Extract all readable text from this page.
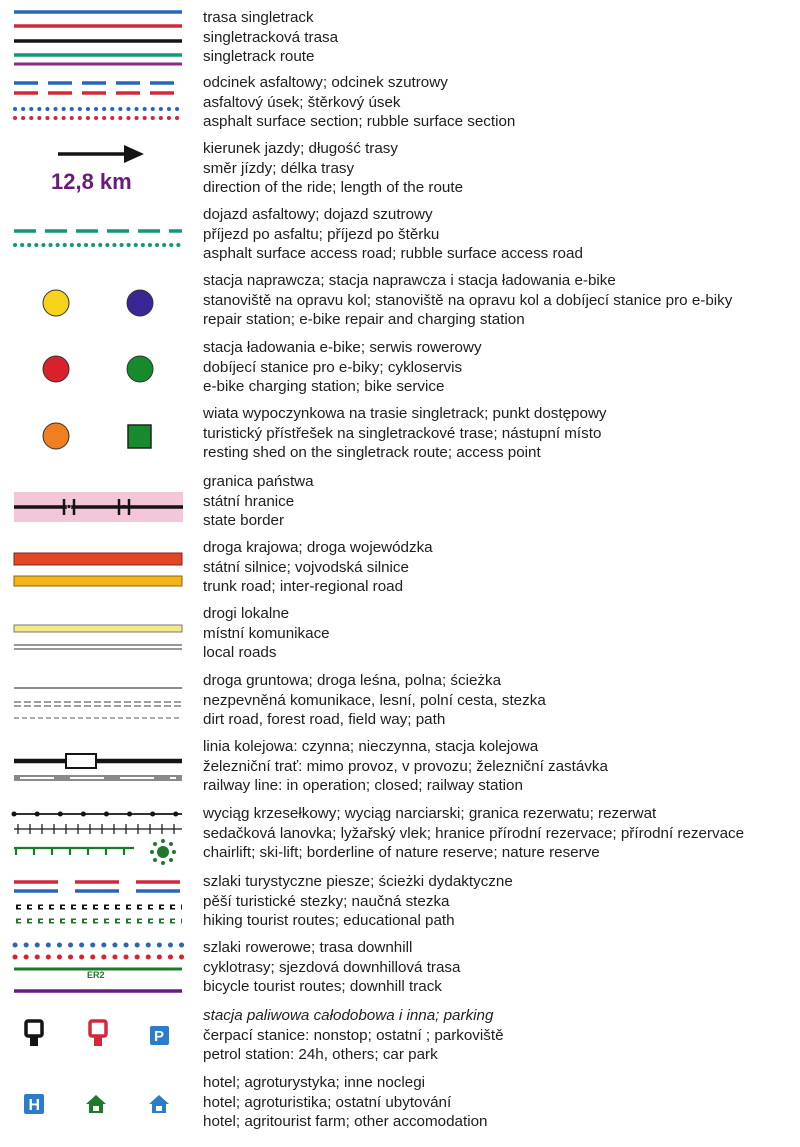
trasa singletrack
singletracková trasa
singletrack route
odcinek asfaltowy; odcinek szutrowy
asfaltový úsek; štěrkový úsek
asphalt surface section; rubble surface section
12,8 km
kierunek jazdy; długość trasy
směr jízdy; délka trasy
direction of the ride; length of the route
dojazd asfaltowy; dojazd szutrowy
příjezd po asfaltu; příjezd po štěrku
asphalt surface access road; rubble surface access road
stacja naprawcza; stacja naprawcza i stacja ładowania e-bike
stanoviště na opravu kol; stanoviště na opravu kol a dobíjecí stanice pro e-biky
repair station; e-bike repair and charging station
stacja ładowania e-bike; serwis rowerowy
dobíjecí stanice pro e-biky; cykloservis
e-bike charging station; bike service
wiata wypoczynkowa na trasie singletrack; punkt dostępowy
turistický přístřešek na singletrackové trase; nástupní místo
resting shed on the singletrack route; access point
granica państwa
státní hranice
state border
droga krajowa; droga wojewódzka
státní silnice; vojvodská silnice
trunk road; inter-regional road
drogi lokalne
místní komunikace
local roads
droga gruntowa; droga leśna, polna; ścieżka
nezpevněná komunikace, lesní, polní cesta, stezka
dirt road, forest road, field way; path
linia kolejowa: czynna; nieczynna, stacja kolejowa
železniční trať: mimo provoz, v provozu; železniční zastávka
railway line: in operation; closed; railway station
wyciąg krzesełkowy; wyciąg narciarski; granica rezerwatu; rezerwat
sedačková lanovka; lyžařský vlek; hranice přírodní rezervace; přírodní rezervace
chairlift; ski-lift; borderline of nature reserve; nature reserve
szlaki turystyczne piesze; ścieżki dydaktyczne
pěší turistické stezky; naučná stezka
hiking tourist routes; educational path
ER2
szlaki rowerowe; trasa downhill
cyklotrasy; sjezdová downhillová trasa
bicycle tourist routes; downhill track
P
stacja paliwowa całodobowa i inna; parking
čerpací stanice: nonstop; ostatní ; parkoviště
petrol station: 24h, others; car park
H
hotel; agroturystyka; inne noclegi
hotel; agroturistika; ostatní ubytování
hotel; agritourist farm; other accomodation
